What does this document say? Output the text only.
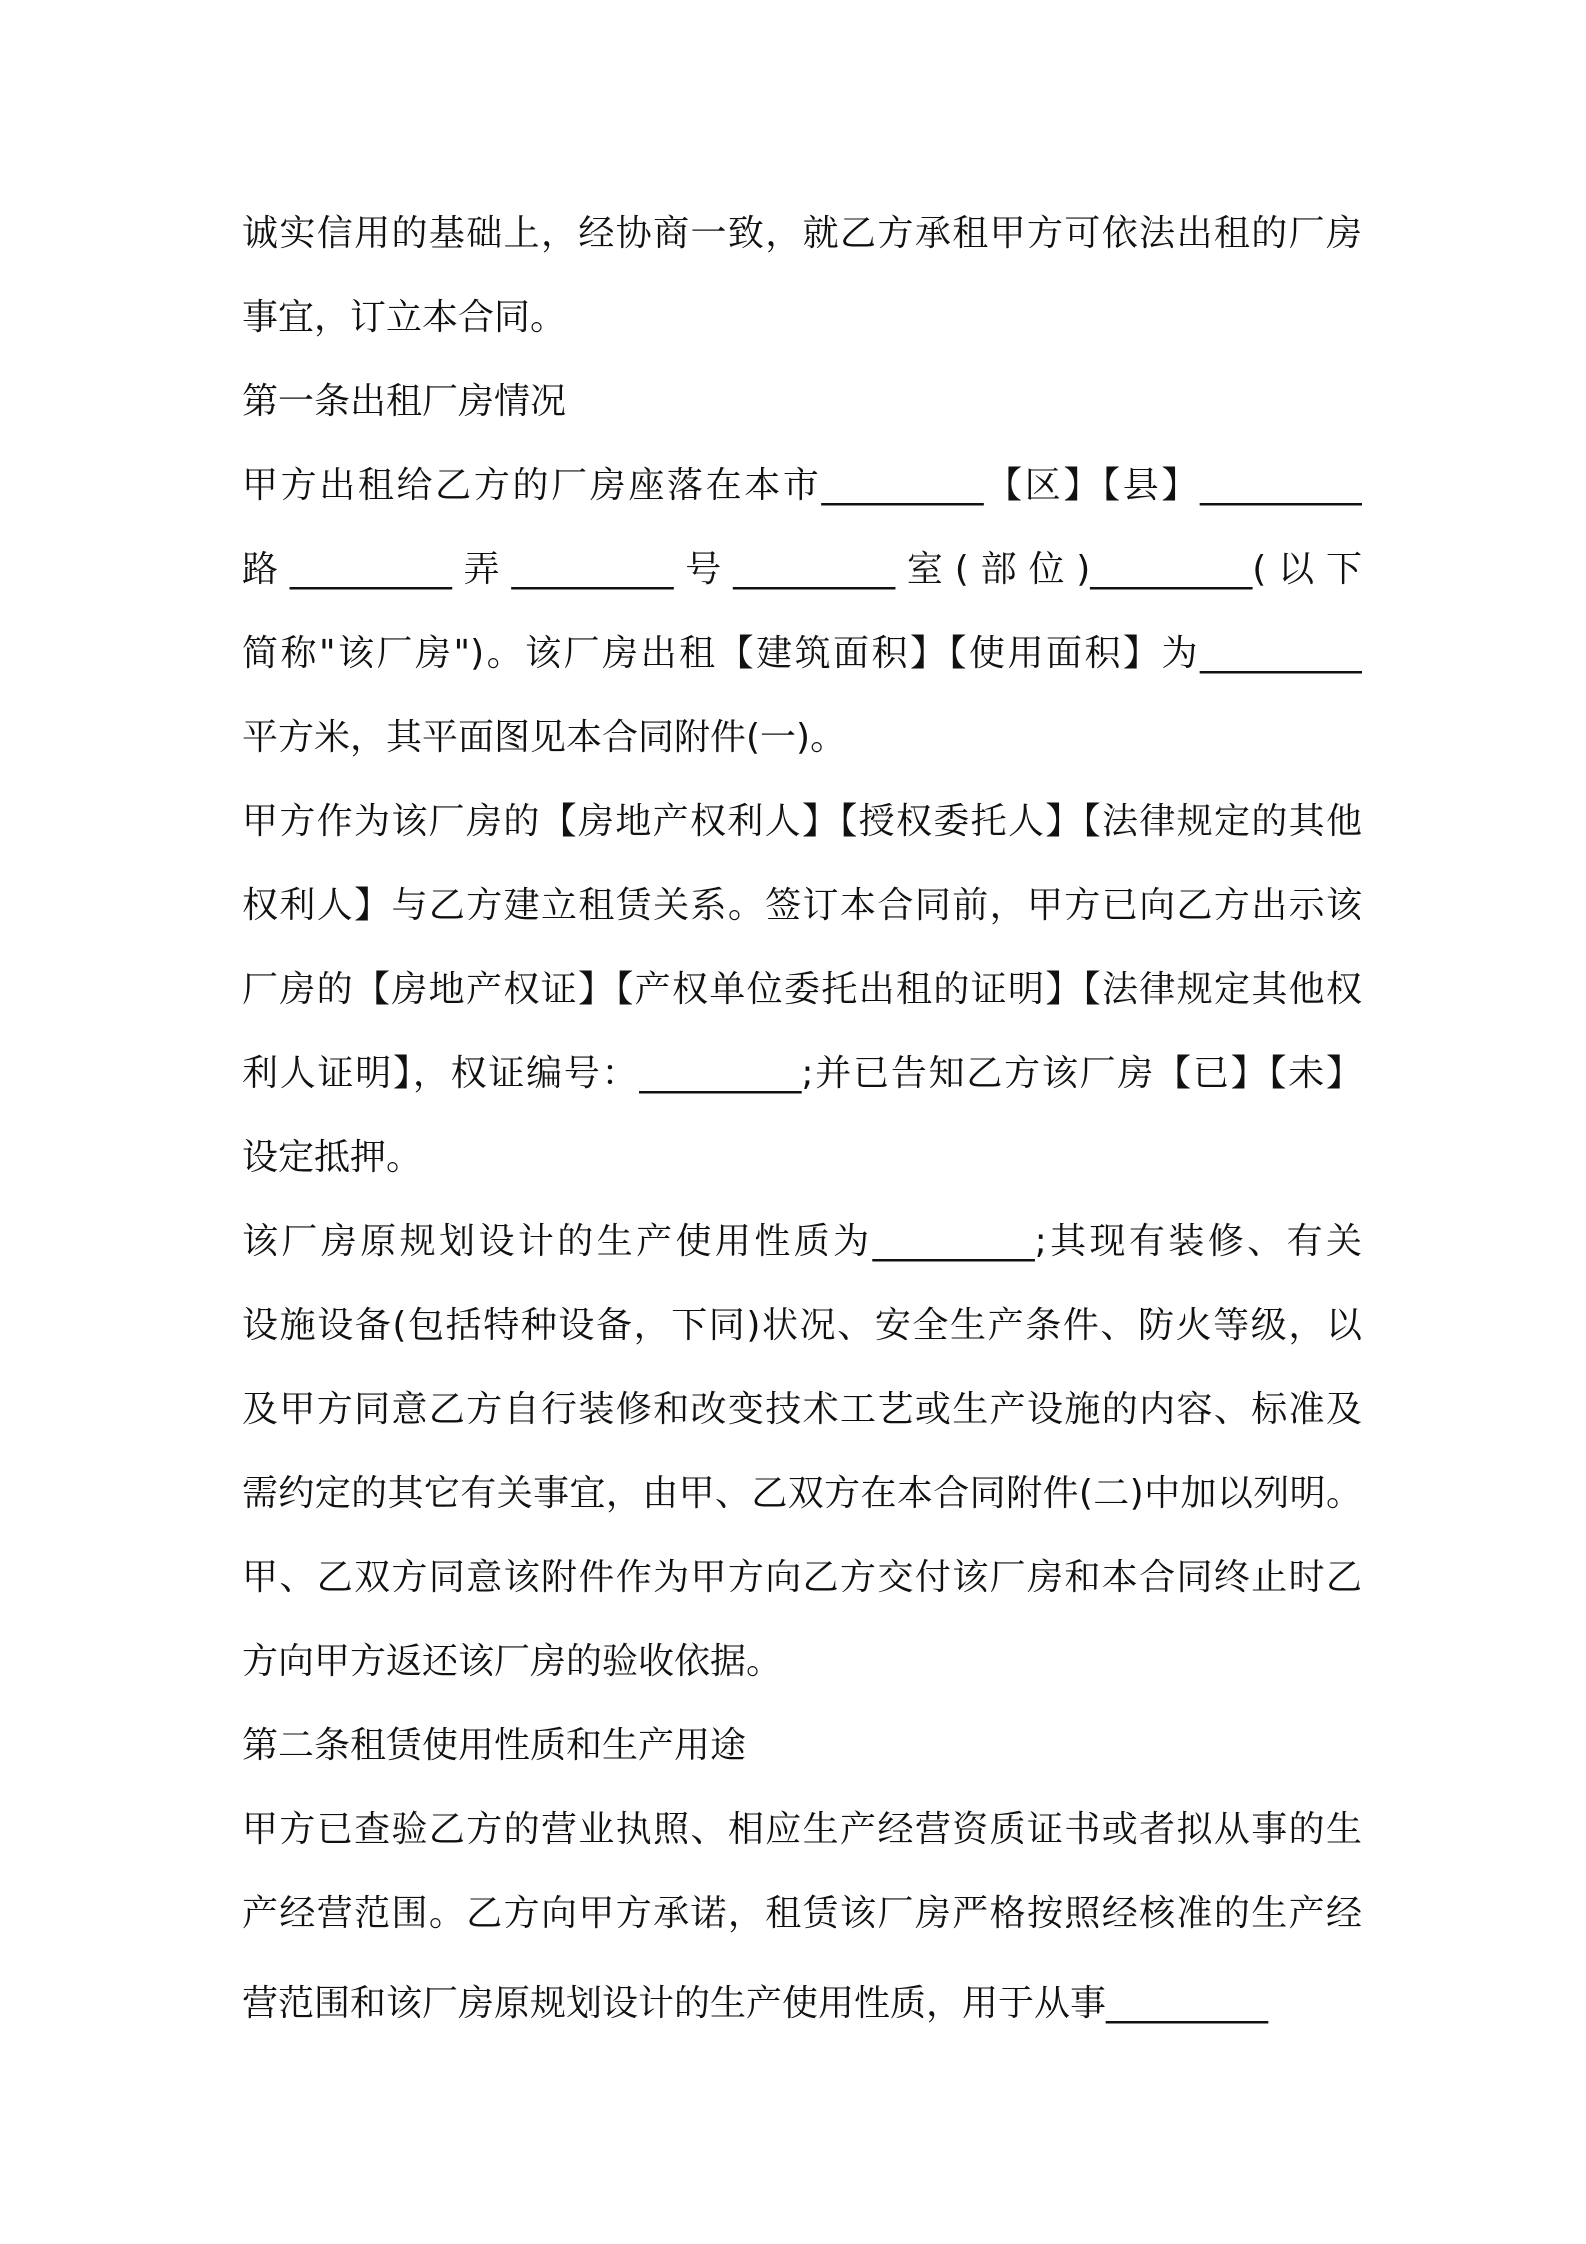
诚实信用的基础上，经协商一致，就乙方承租甲方可依法出租的厂房
事宜，订立本合同。
第一条出租厂房情况
甲方出租给乙方的厂房座落在本市_________【区】【县】_________
路_________弄_________号_________室(部位)_________(以下
简称"该厂房")。该厂房出租【建筑面积】【使用面积】为_________
平方米，其平面图见本合同附件(一)。
甲方作为该厂房的【房地产权利人】【授权委托人】【法律规定的其他
权利人】与乙方建立租赁关系。签订本合同前，甲方已向乙方出示该
厂房的【房地产权证】【产权单位委托出租的证明】【法律规定其他权
利人证明】，权证编号：_________;并已告知乙方该厂房【已】【未】
设定抵押。
该厂房原规划设计的生产使用性质为_________;其现有装修、有关
设施设备(包括特种设备，下同)状况、安全生产条件、防火等级，以
及甲方同意乙方自行装修和改变技术工艺或生产设施的内容、标准及
需约定的其它有关事宜，由甲、乙双方在本合同附件(二)中加以列明。
甲、乙双方同意该附件作为甲方向乙方交付该厂房和本合同终止时乙
方向甲方返还该厂房的验收依据。
第二条租赁使用性质和生产用途
甲方已查验乙方的营业执照、相应生产经营资质证书或者拟从事的生
产经营范围。乙方向甲方承诺，租赁该厂房严格按照经核准的生产经
营范围和该厂房原规划设计的生产使用性质，用于从事_________
